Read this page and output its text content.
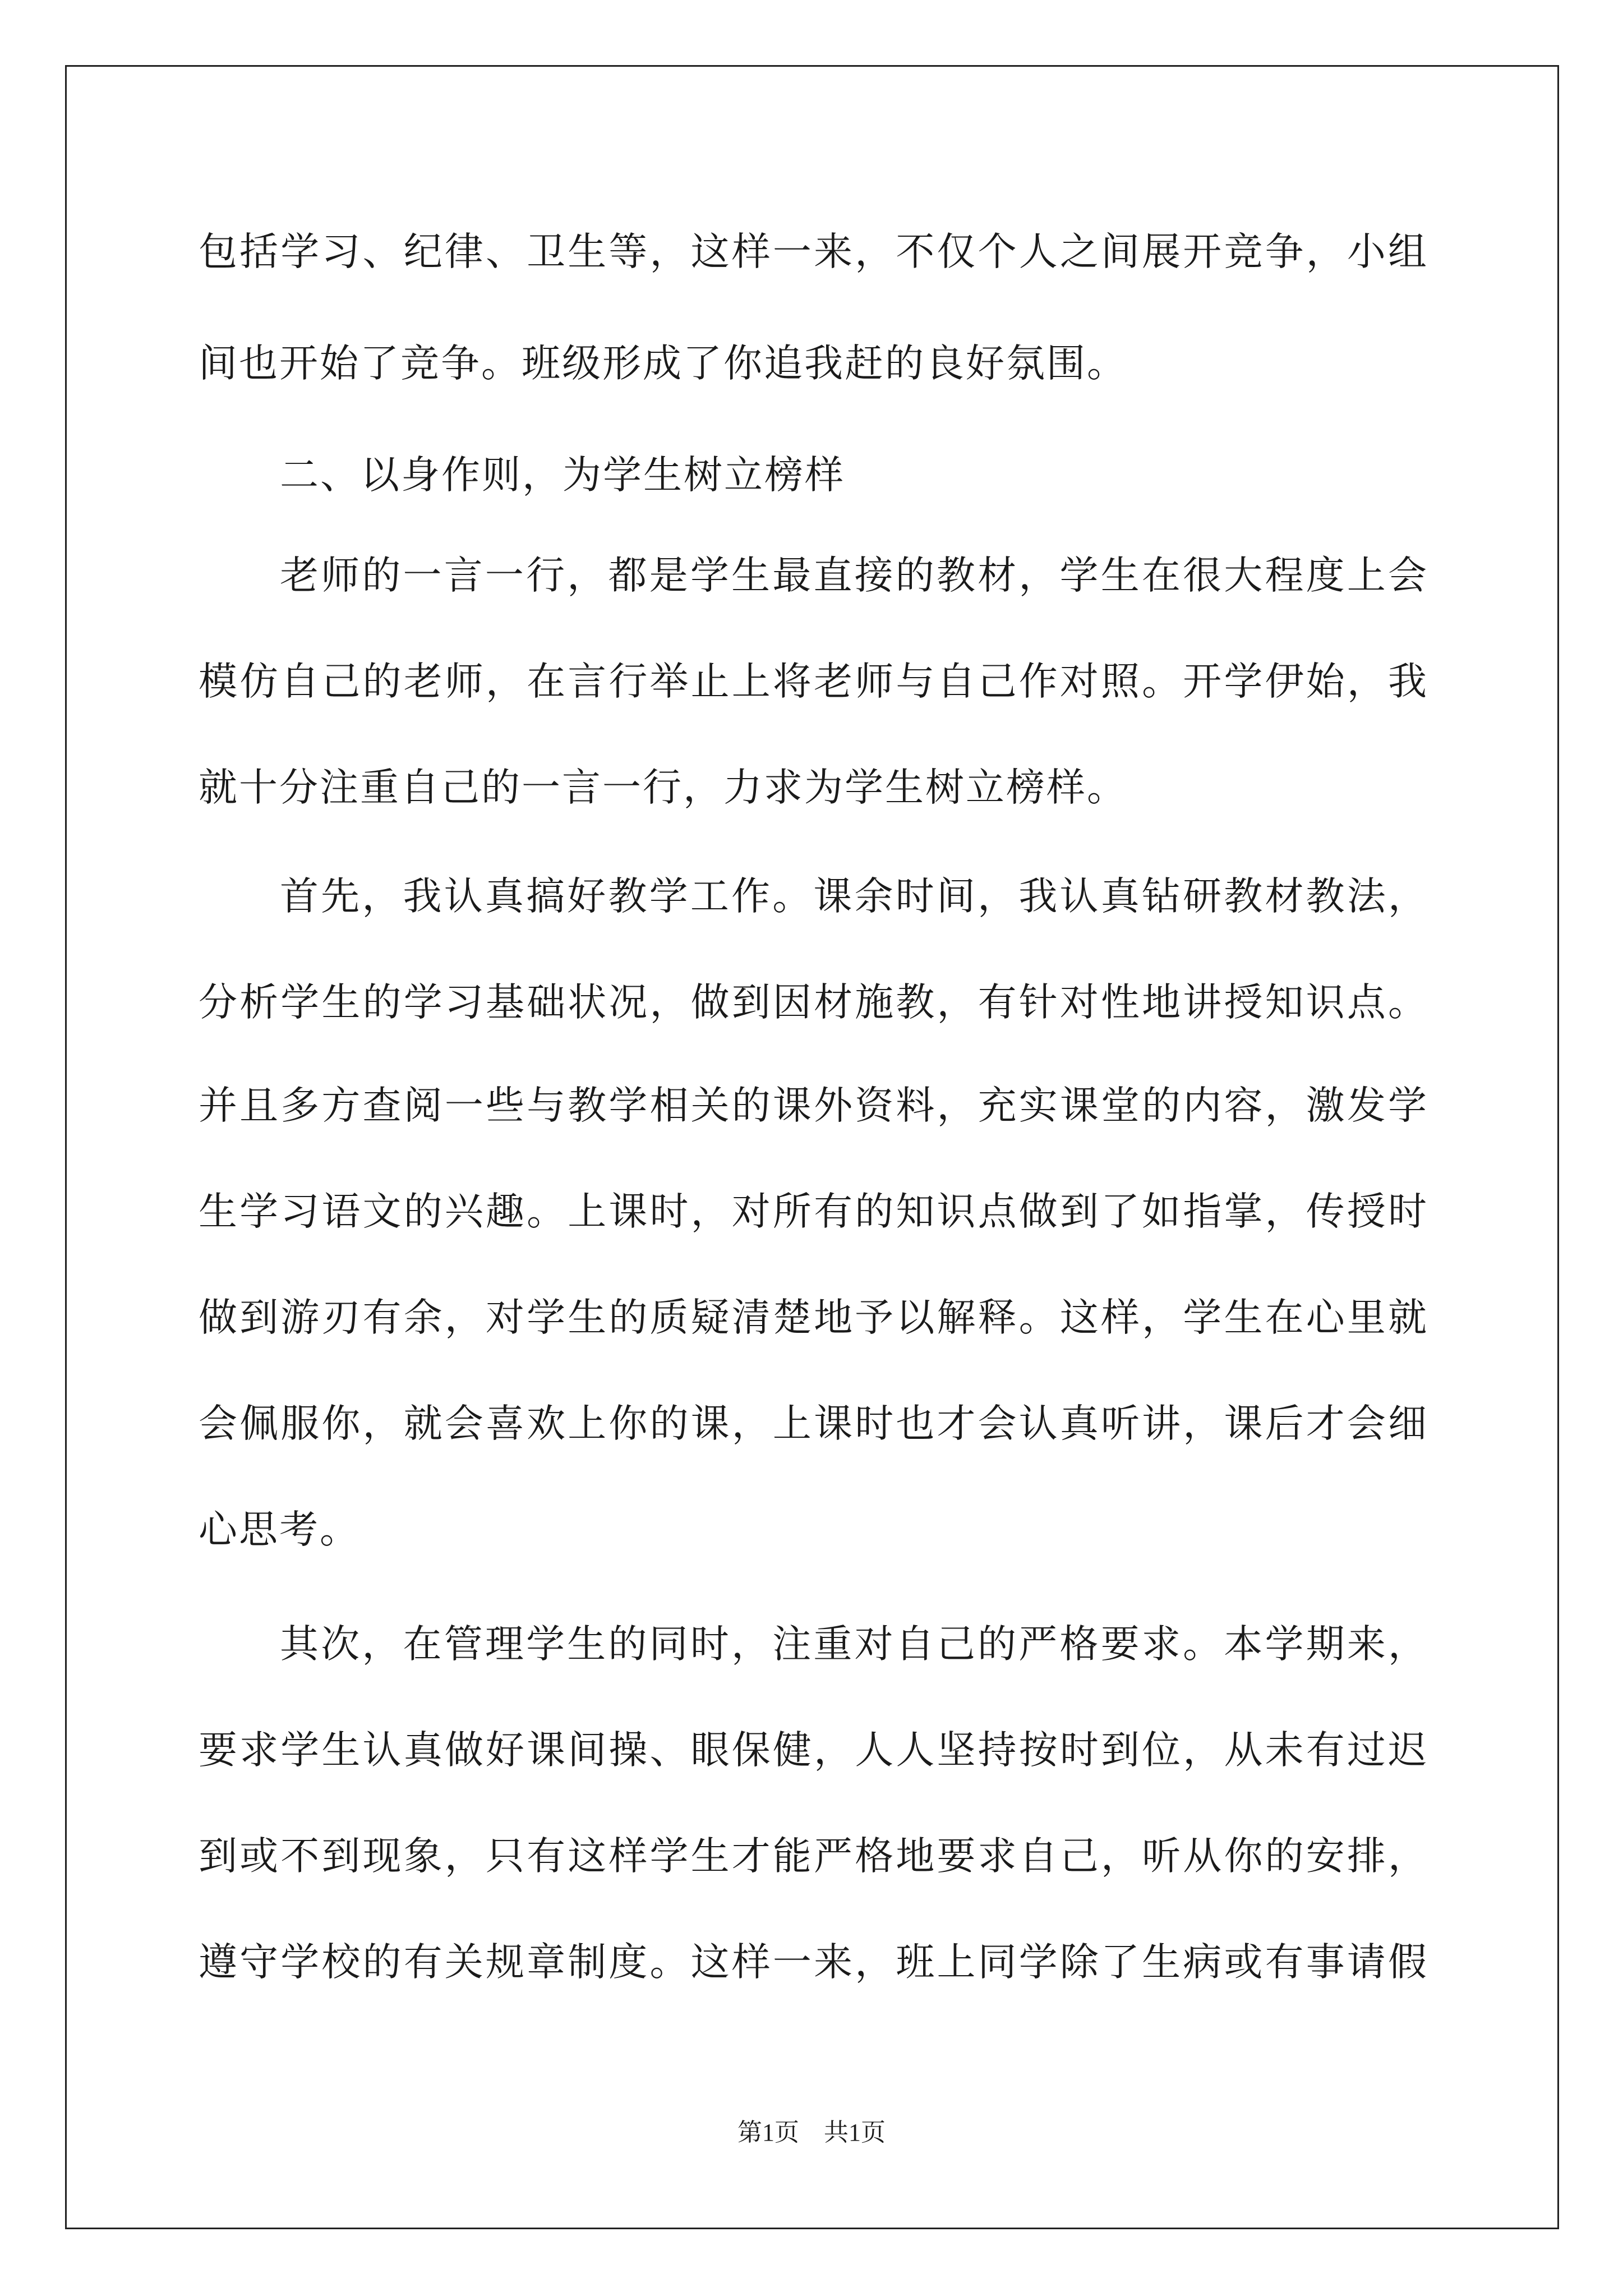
包括学习、纪律、卫生等，这样一来，不仅个人之间展开竞争，小组
间也开始了竞争。班级形成了你追我赶的良好氛围。
二、以身作则，为学生树立榜样
老师的一言一行，都是学生最直接的教材，学生在很大程度上会
模仿自己的老师，在言行举止上将老师与自己作对照。开学伊始，我
就十分注重自己的一言一行，力求为学生树立榜样。
首先，我认真搞好教学工作。课余时间，我认真钻研教材教法，
分析学生的学习基础状况，做到因材施教，有针对性地讲授知识点。
并且多方查阅一些与教学相关的课外资料，充实课堂的内容，激发学
生学习语文的兴趣。上课时，对所有的知识点做到了如指掌，传授时
做到游刃有余，对学生的质疑清楚地予以解释。这样，学生在心里就
会佩服你，就会喜欢上你的课，上课时也才会认真听讲，课后才会细
心思考。
其次，在管理学生的同时，注重对自己的严格要求。本学期来，
要求学生认真做好课间操、眼保健，人人坚持按时到位，从未有过迟
到或不到现象，只有这样学生才能严格地要求自己，听从你的安排，
遵守学校的有关规章制度。这样一来，班上同学除了生病或有事请假
第1页 共1页
